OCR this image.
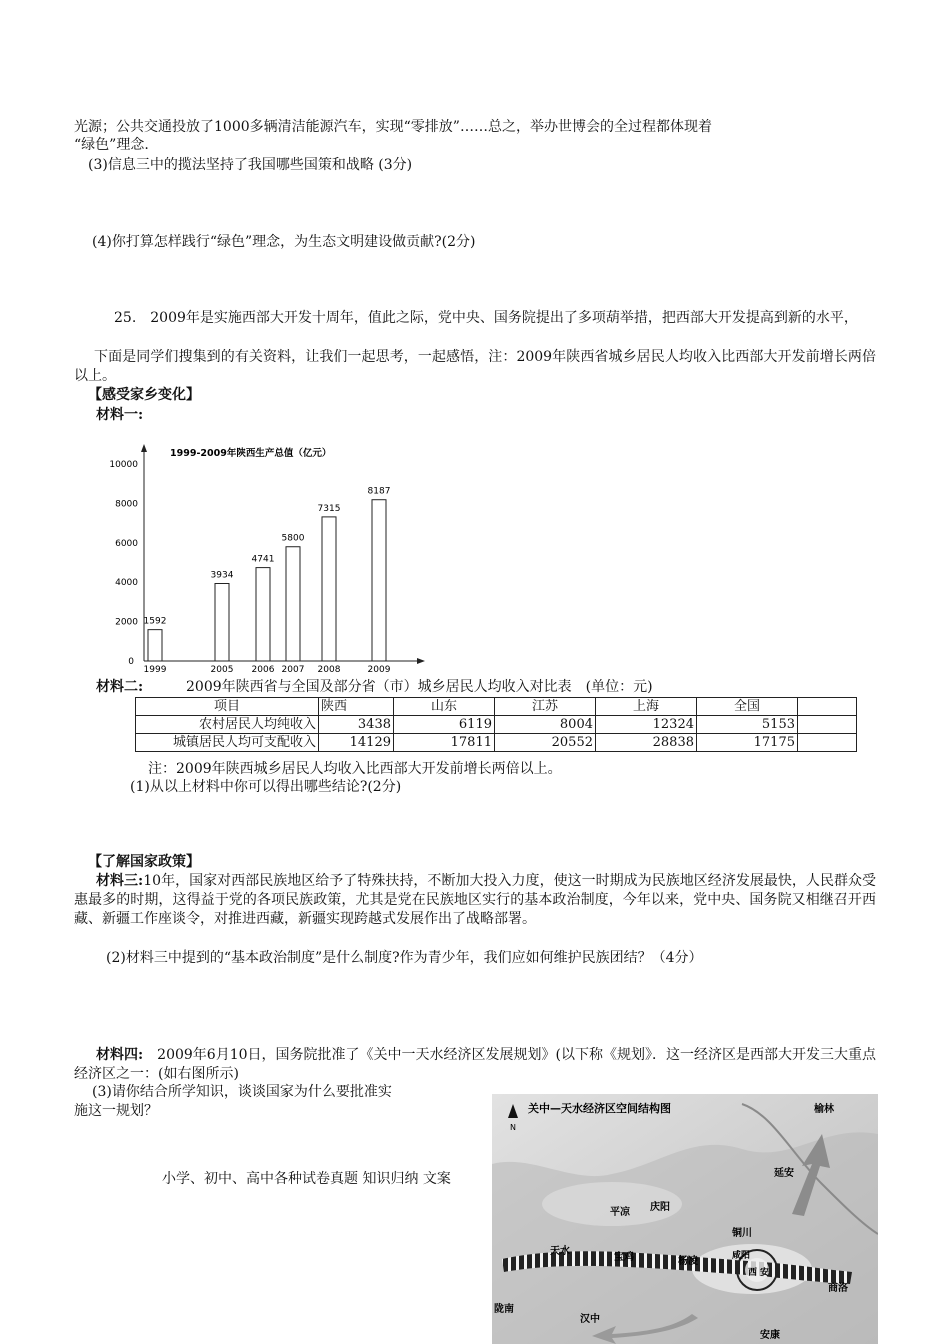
光源；公共交通投放了1000多辆清洁能源汽车，实现“零排放”……总之，举办世博会的全过程都体现着
“绿色”理念.
(3)信息三中的揽法坚持了我国哪些国策和战略 (3分)
(4)你打算怎样践行“绿色”理念，为生态文明建设做贡献?(2分)
25.　2009年是实施西部大开发十周年，值此之际，党中央、国务院提出了多项葫举措，把西部大开发提高到新的水平，
下面是同学们搜集到的有关资料，让我们一起思考，一起感悟，注：2009年陕西省城乡居民人均收入比西部大开发前增长两倍以上。
【感受家乡变化】
材料一:
1999-2009年陕西生产总值（亿元）
0
2000
4000
6000
8000
10000
1592
1999
3934
2005
4741
2006
5800
2007
7315
2008
8187
2009
材料二:	2009年陕西省与全国及部分省（市）城乡居民人均收入对比表　(单位：元)
项目	陕西	山东	江苏	上海	全国	
农村居民人均纯收入	3438	6119	8004	12324	5153	
城镇居民人均可支配收入	14129	17811	20552	28838	17175	
注：2009年陕西城乡居民人均收入比西部大开发前增长两倍以上。
(1)从以上材料中你可以得出哪些结论?(2分)
【了解国家政策】
材料三:10年，国家对西部民族地区给予了特殊扶持，不断加大投入力度，使这一时期成为民族地区经济发展最快，人民群众受惠最多的时期，这得益于党的各项民族政策，尤其是党在民族地区实行的基本政治制度，今年以来，党中央、国务院又相继召开西藏、新疆工作座谈令，对推进西藏，新疆实现跨越式发展作出了战略部署。
(2)材料三中提到的“基本政治制度”是什么制度?作为青少年，我们应如何维护民族团结？（4分）
材料四:　2009年6月10日，国务院批准了《关中一天水经济区发展规划》(以下称《规划》．这一经济区是西部大开发三大重点经济区之一：(如右图所示)
(3)请你结合所学知识，谈谈国家为什么要批准实
施这一规划？
小学、初中、高中各种试卷真题 知识归纳 文案
N
关中—天水经济区空间结构图	榆林
延安
平凉 庆阳
铜川
天水
宝鸡	杨凌	咸阳
西 安
商洛
陇南
汉中
安康
